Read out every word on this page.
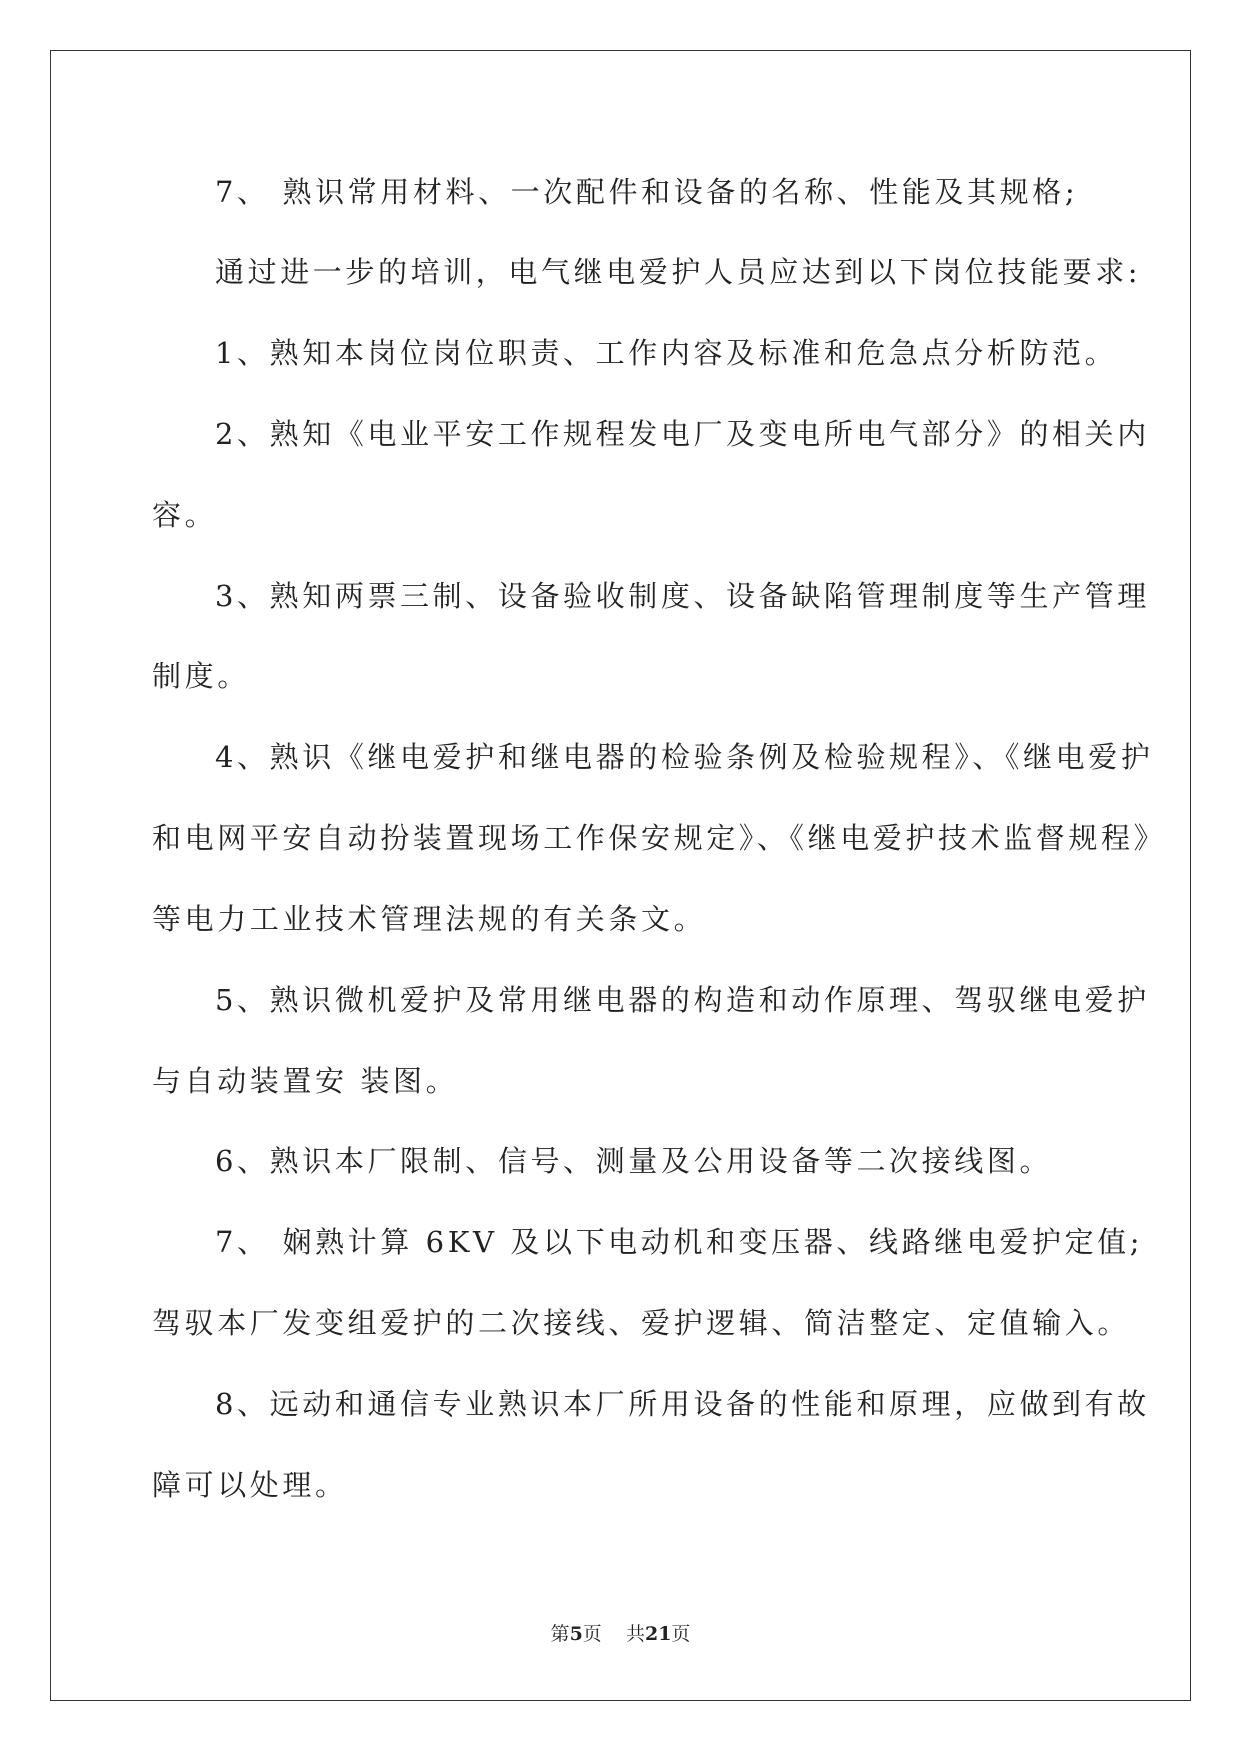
7、 熟识常用材料、一次配件和设备的名称、性能及其规格;
通过进一步的培训，电气继电爱护人员应达到以下岗位技能要求:
1、熟知本岗位岗位职责、工作内容及标准和危急点分析防范。
2、熟知《电业平安工作规程发电厂及变电所电气部分》的相关内
容。
3、熟知两票三制、设备验收制度、设备缺陷管理制度等生产管理
制度。
4、熟识《继电爱护和继电器的检验条例及检验规程》、《继电爱护
和电网平安自动扮装置现场工作保安规定》、《继电爱护技术监督规程》
等电力工业技术管理法规的有关条文。
5、熟识微机爱护及常用继电器的构造和动作原理、驾驭继电爱护
与自动装置安 装图。
6、熟识本厂限制、信号、测量及公用设备等二次接线图。
7、 娴熟计算 6KV 及以下电动机和变压器、线路继电爱护定值;
驾驭本厂发变组爱护的二次接线、爱护逻辑、简洁整定、定值输入。
8、远动和通信专业熟识本厂所用设备的性能和原理，应做到有故
障可以处理。
第5页    共21页
